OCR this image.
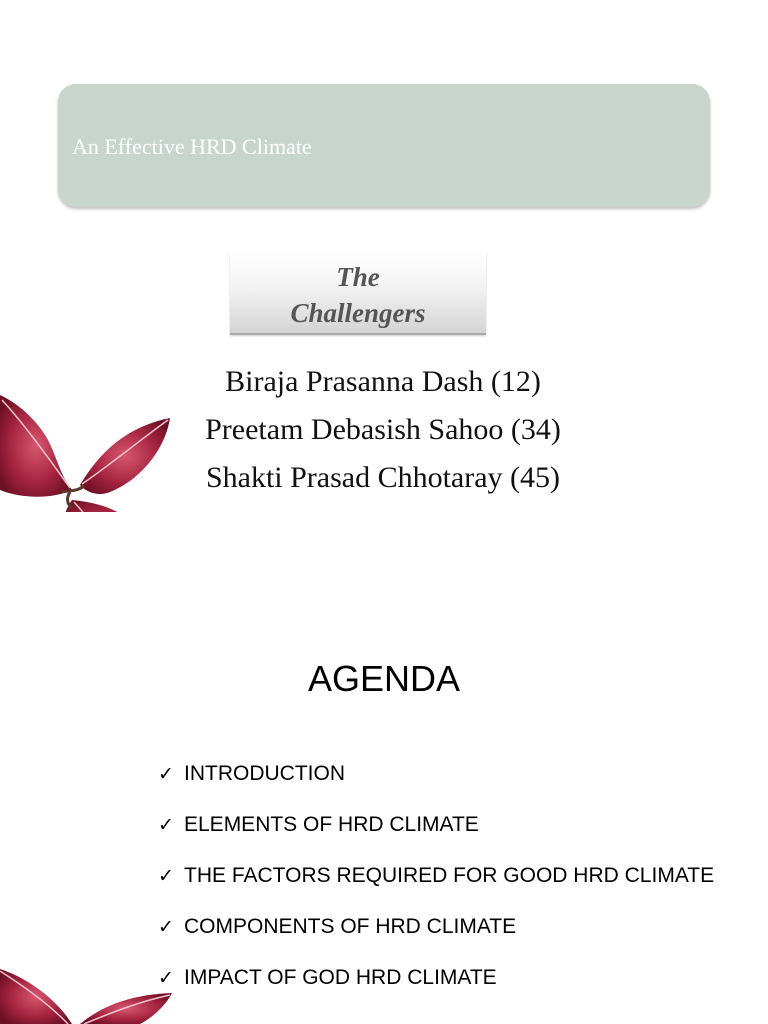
An Effective HRD Climate
The
Challengers
Biraja Prasanna Dash (12)
Preetam Debasish Sahoo (34)
Shakti Prasad Chhotaray (45)
AGENDA
✓ INTRODUCTION
✓ ELEMENTS OF HRD CLIMATE
✓ THE FACTORS REQUIRED FOR GOOD HRD CLIMATE
✓ COMPONENTS OF HRD CLIMATE
✓ IMPACT OF GOD HRD CLIMATE
